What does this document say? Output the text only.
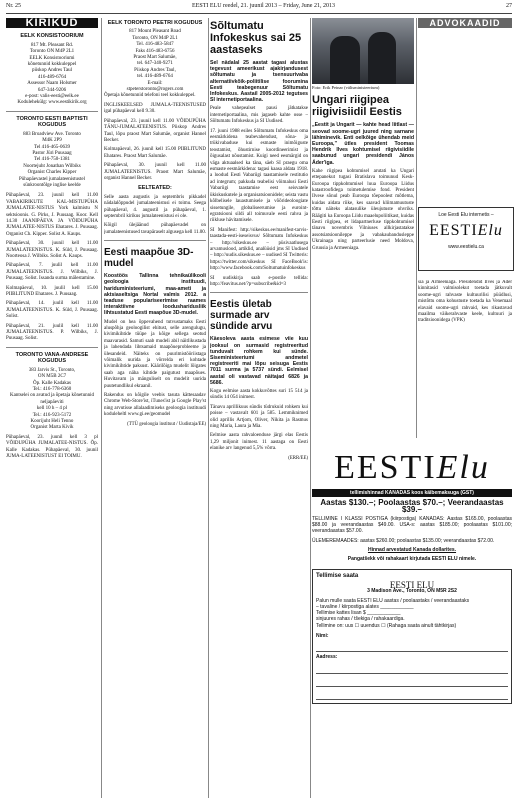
Nr. 25	EESTI ELU reedel, 21. juunil 2013 – Friday, June 21, 2013	27
KIRIKUD
EELK KONSISTOORIUM
817 Mt. Pleasant Rd.
Toronto ON M4P 2L1
EELK Konsistooriumi
kõnetunnid kokkuleppel
piiskop Andres Taul
416-489-6764
Assessor Naam Holsmer
647-344-9206
e-post: valis-eesti@eelk.ee
Kodulehekülg: www.eestikirik.org
TORONTO EESTI BAPTISTI KOGUDUS
883 Broadview Ave. Toronto
M4K 2P9
Tel 416-465-0639
Pastor Jüri Puusaag
Tel 416-750-1381
Noortejuht Jonathan Wilbiks
Organist Charles Kipper
Pühapäevastel jumalateenistustel sünkroontõlge inglise keelde

Pühapäeval, 23. juunil kell 11.00 VABAKIRIKUTE KAL-MISTUPÜHA JUMALATEE-NISTUS York kalmistu N sektsioonis. G. Pirks, J. Puusaag. Koor. Kell 14.30 JAANIPÄEVA JA VÕIDUPÜHA JUMALATEE-NISTUS Ehatares. J. Puusaag. Organist Ch. Kipper. Solist A. Kaups.

Pühapäeval, 30. juunil kell 11.00 JUMALATEENISTUS. K. Süld, J. Puusaag. Noorteosa J. Wilbiks. Solist A. Kaups.

Pühapäeval, 7. juulil kell 11.00 JUMALATEENISTUS. J. Wilbiks, J. Puusaag. Solist. Issanda surma mälestamine.

Kolmapäeval, 10. juulil kell 15.00 PIIBLITUND Ehatares. J. Puusaag.

Pühapäeval, 14. juulil kell 11.00 JUMALATEENISTUS. K. Süld, J. Puusaag. Solist.

Pühapäeval, 21. juulil kell 11.00 JUMALATEENISTUS. P. Wilbiks, J. Puusaag. Solist.

TORONTO VANA-ANDRESE KOGUDUS
383 Jarvis St., Toronto,
ON M5B 2C7
Õp. Kalle Kadakas
Tel.: 416-778-6360
Kantselei on avatud ja õpetaja kõnetunnid neljapäeviti
kell 10 h – 4 pl
Tel.: 416-923-5172
Koorijuht Heli Tenno
Organist Marta Kivik

Pühapäeval, 23. juunil kell 3 pl VÕIDUPÜHA JUMALATEE-NISTUS. Õp. Kalle Kadakas. Pühapäeval, 30. juunil JUMA-LATEENISTUST EI TOIMU.

EELK TORONTO PEETRI KOGUDUS
817 Mount Pleasant Road
Toronto, ON M4P 2L1
Tel. 416-483-5847
Faks 416-483-6756
Praost Mart Salumäe,
tel. 647-340-9271
Piiskop Andres Taul,
tel. 416-489-6764
E-mail:
stpeterstoronto@rogers.com

Õpetaja kõnetunnid telefoni teel kokkuleppel.

INGLISKEELSED JUMALA-TEENISTUSED igal pühapäeval kell 9.30.

Pühapäeval, 23. juunil kell 11.00 VÕIDUPÜHA TÄNU-JUMALATEENISTUS. Piiskop Andres Taul, lõpu praost Mart Salumäe, organist Hannel Becker.

Kolmapäeval, 26. juunil kell 15.00 PIIBLITUND Ehatares. Praost Mart Salumäe.

Pühapäeval, 30. juunil kell 11.00 JUMALATEENISTUS. Praost Mart Salumäe, organist Hannel Becker.

EELTEATED:

Selle aasta augustis ja septembris pikkadel nädalalõppudel jumalateenistusi ei toimu. Seega pühapäeval, 4. augustil ja pühapäeval, 1. septembril kirikus jumalateenistusi ei ole.

Kõigil ülejäänud pühapäevadel on jumalateenistused tavapäraselt algusega kell 11.00.

Eesti maapõue 3D-mudel
Koostöös Tallinna tehnikaülikooli geoloogia instituudi, hariduministeeriumi, maa-ameti ja aktsiaseltsiga Nortal valmis 2012. a teaduse populariseerimise raames interaktiivne loodusharidusliik lihtsustatud Eesti maapõue 3D-mudel.

Mudel on hea õppevahend tutvustamaks Eesti aluspõhja geoloogilist ehitust, selle arengulugu, kivimikihtide tüüpe ja kõige sellega seotud maavarasid. Samuti saab mudeli abil näitlikustada ja lahendada lihtsamaid maapõueprobleeme ja ülesandeid. Näiteks on puurimistööriistaga võimalik uurida ja võrrelda eri kohtade kivimikihtide paksust. Käärilõiga mudelit lõigates saab aga näha kihtide paigutust maapõues. Huvitavam ja mänguliselt on mudelit uurida puutetundlikul ekraanil.

Rakendus on kõigile veebis tasuta kättesaadav Chrome Web-Store'ist, iTunes'ist ja Google Play'st ning arvutisse allalaadimiseks geoloogia instituudi koduleheltl www.gi.ee/geomudel

(TTÜ geoloogia instituut / Uudistaja/EE)
Sõltumatu Infokeskus sai 25 aastaseks
Sel nädalal 25 aastat tagasi alustas tegevust ameerikust ajakirjandusest sõltumatu ja tsensuurivaba alternatiivkõik-poliitilise foorumina Eesti teabegenuur Sõltumatu Infokeskus. Aastail 2005-2012 tegutses SI internetiportaalina.

Peale vahepealset pausi jätkatakse internetiportaalina, mis jagaseb kahte osse – Sõltumatu Infokeskus ja SI Uudised.

17. juuni 1988 esiles Sõltumatu Infokeskus oma eesmärkidena teabevahendust, sõna- ja trükivabaduse kui esmaste inimõiguste teostamist, õhustirnise koordineerimist ja õigusalast nõustamist. Kuigi need eesmärgid on väga aktuaalsed ka täna, säeb SI praegu oma esmaste eesmärkidena: tagasi kaasa aldata 1918. a loodud Eesti Vabariigi taastamisele restitutio ad integrum; pakkuda teabelisi võimalusi Eesti Vabariigi taastamise eest seisvatele ükiskuskutele ja organisatsioonidele; seista vastu kõlbelisele lauastumisele ja võõrideoloogiate sissetungile, globaliseerumise ja eurointegratsiooni sildi all toimuvale eesti rahva ja riikluse hävitamisele.

SI Manifest: http://sikeskus.ee/manifest-tarvis-taastada-eesti-iseseisvus/ Sõltumatu Infokeskus – http://sikeskus.ee – püsivaatlusega arvamuslood, artiklid, analüüsid jms SI Uudised – http://uudis.sikeskus.ee – uudised SI Twitteris: https://twitter.com/sikeskus SI FaceBook'is: http://www.facebook.com/Soltumatuinfokeskus

SI uudiskirja saab e-postile tellida: http://feavitus.net/?p=subscribe&id=3

Eestis ületab surmade arv sündide arvu
Käesoleva aasta esimese viie kuu jooksul on surmasid registreeritud tunduvalt rohkem kui sünde. Siseministeeriumi andmetel registreeriti mai lõpu seisuga Eestis 7011 surma ja 5737 sündi. Eelmisel aastal oli vastavad näitajad 6826 ja 5686.

Kogu eelmise aasta kokkuvõttes suri 15 514 ja sündis 14 054 inimest.

Tänavu aprillikuus sündis tüdrukuid rohkem kui poisse – vastavalt 601 ja 585. Lemmiknimed olid aprillis Artjom, Oliver, Nikita ja Rasmus ning Maria, Laura ja Mia.

Eelmise aasta rahvaloenduse järgi elas Eestis 1,29 miljonit inimest. 11 aastaga on Eesti elanike arv langenud 5,5% võrra.

(ERR/EE)
Foto: Erik Peinar (välisministeerium)
Ungari riigipea riigivisiidil Eestis
„Eestit ja Ungarit — kahte head liitlast — seovad soome-ugri juured ning sarnane lähiminevik. Enti oelkõige ühendab meid Euroopa,” ütles president Toomas Hendrik Ilves kohtumisel riigivisiidile saabunud ungari presidendi János Áder'iga.

Kahe riigipea kohtumisel arutati ka Ungari ettepanekut tugasi Bratislava toimunud Kesk-Euroopa tippkohtumisel luua Euroopa Liidus katastroofidega toimetulemise fond. President Ilvese sõnul peab Euroopa tõepoolest mõtlema, kuidas aidata riike, kes saavad kliimamuutuste tõttu näiteks alatasulike üleujutuste ohvriks. Räägiti ka Euroopa Liidu maaelupoliitikast, kuidas Eesti riigipea, et lidapartnerluse tippkohtumisel tänavu novembris Vilniuses allkirjastatakse assotsiatsioonileppe ja vabakaubandusleppe Ukrainaga ning parteerlusie need Moldova, Gruusia ja Armeeniaga.

ADVOKAADID
Loe Eesti Elu internetis –
EESTIElu
www.eestielu.ca

sia ja Armeeniaga. Presidendid Ilves ja Áder kinnitasid valmisolekut toetada jätkuvalt soome-ugri rahvaste kultuurilisi püüdlusi, mistõttu oma kohustuste toetada ka Venemaal elavaid soome-ugri rahvaid, kes rikastavad maailma väikerahvaste keele, kultuuri ja traditsioonidega (VPK)

EESTIElu
tellimishinnad KANADAS koos käibemaksuga (GST)
Aastas $130.–; Poolaastas $70.–; Veerandaastas $39.–

TELLIMINE I KLASSI POSTIGA (kiirpostiga) KANADAS: Aastas $165.00, poolaastas $88.00 ja veerandaastas $49.00. USA-s: aastas $185.00; poolaastas $101.00; veerandaastas $57.00.

ÜLEMEREMAADES: aastas $260.00; poolaastas $135.00; veerandaastas $72.00.

Hinnad arvestatud Kanada dollarites.
Pangatšekk või rahakaart kirjutada EESTI ELU nimele.
Tellimise saata
EESTI ELU
3 Madison Ave., Toronto, ON M5R 2S2
Palun mulle saata EESTI ELU aastas / poolaastaks / veerandaastaks
– tavaline / kiirpostiga alates ____________
Tellimise kattes lisan $ ____________
sinjuures rahas / tšekiga / rahakaardiga.
Tellimine on: uus ☐ uuendus ☐ (Rahaga saata ainult tähtkirjas)
Nimi:
Aadress:
